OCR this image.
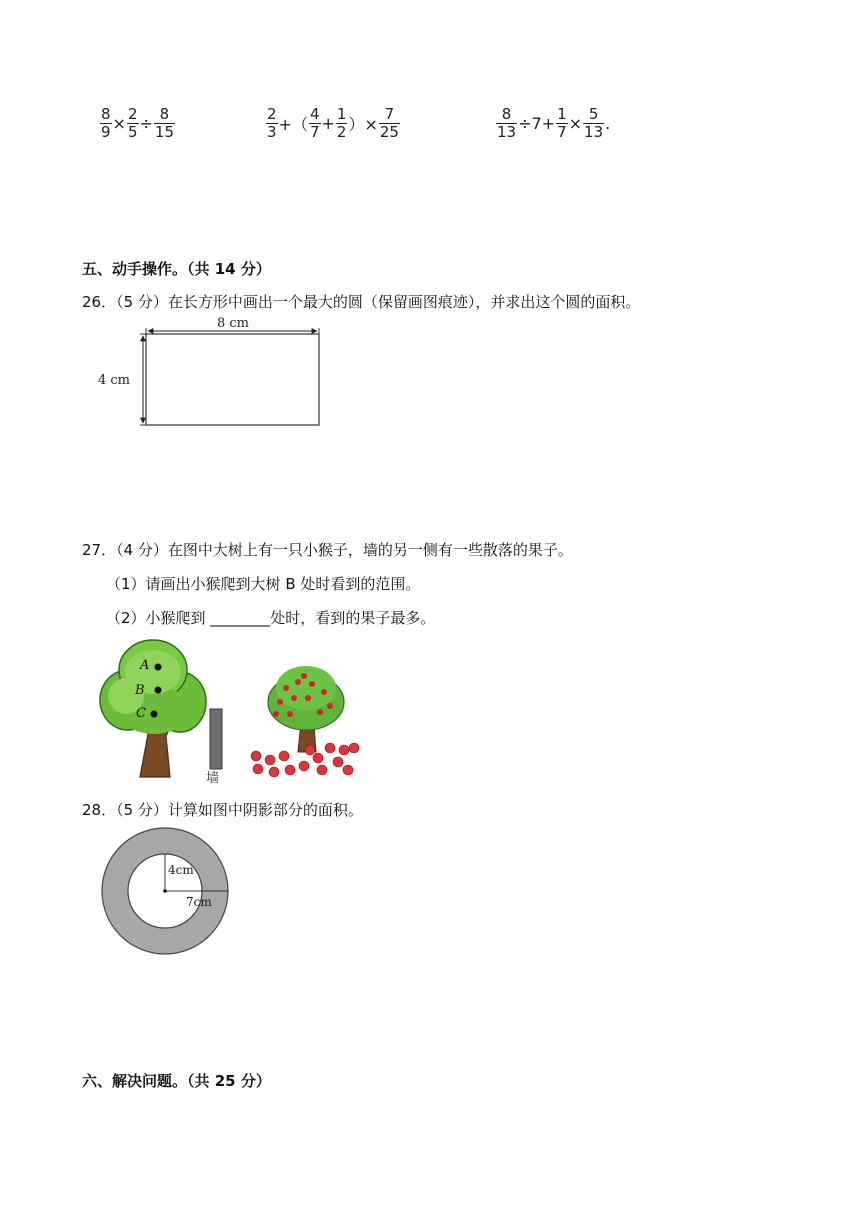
$\frac{8}{9} \times \frac{2}{5} \div \frac{8}{15}$	$\frac{2}{3}$ +（ $\frac{4}{7} + \frac{1}{2}$ ）× $\frac{7}{25}$	$\frac{8}{13} \div 7+ \frac{1}{7} \times \frac{5}{13}$ .
五、动手操作。（共 14 分）
26．（5 分）在长方形中画出一个最大的圆（保留画图痕迹），并求出这个圆的面积。
8 cm
4 cm
27．（4 分）在图中大树上有一只小猴子，墙的另一侧有一些散落的果子。
（1）请画出小猴爬到大树 B 处时看到的范围。
（2）小猴爬到 ________处时，看到的果子最多。
A
B
C
墙
28．（5 分）计算如图中阴影部分的面积。
4cm
7cm
六、解决问题。（共 25 分）
